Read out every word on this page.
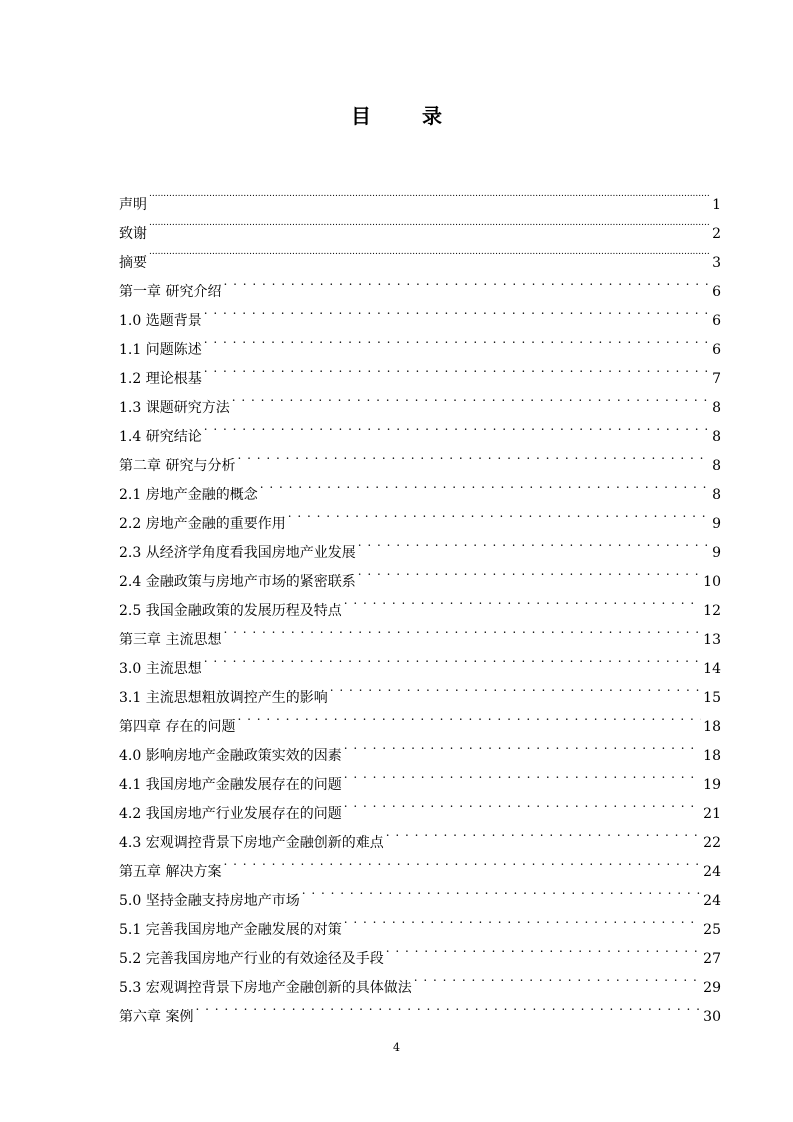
目 录
声明 .....	1
致谢 .....	2
摘要 .....	3
第一章 研究介绍 . . .	6
1.0 选题背景 . . .	6
1.1 问题陈述 . . .	6
1.2 理论根基 . . .	7
1.3 课题研究方法 . . .	8
1.4 研究结论 . . .	8
第二章 研究与分析 . . .	8
2.1 房地产金融的概念 . . .	8
2.2 房地产金融的重要作用 . . .	9
2.3 从经济学角度看我国房地产业发展 . . .	9
2.4 金融政策与房地产市场的紧密联系 . . .	10
2.5 我国金融政策的发展历程及特点 . . .	12
第三章 主流思想 . . .	13
3.0 主流思想 . . .	14
3.1 主流思想粗放调控产生的影响 . . .	15
第四章 存在的问题 . . .	18
4.0 影响房地产金融政策实效的因素 . . .	18
4.1 我国房地产金融发展存在的问题 . . .	19
4.2 我国房地产行业发展存在的问题 . . .	21
4.3 宏观调控背景下房地产金融创新的难点 . . .	22
第五章 解决方案 . . .	24
5.0 坚持金融支持房地产市场 . . .	24
5.1 完善我国房地产金融发展的对策 . . .	25
5.2 完善我国房地产行业的有效途径及手段 . . .	27
5.3 宏观调控背景下房地产金融创新的具体做法 . . .	29
第六章 案例 . . .	30
4
